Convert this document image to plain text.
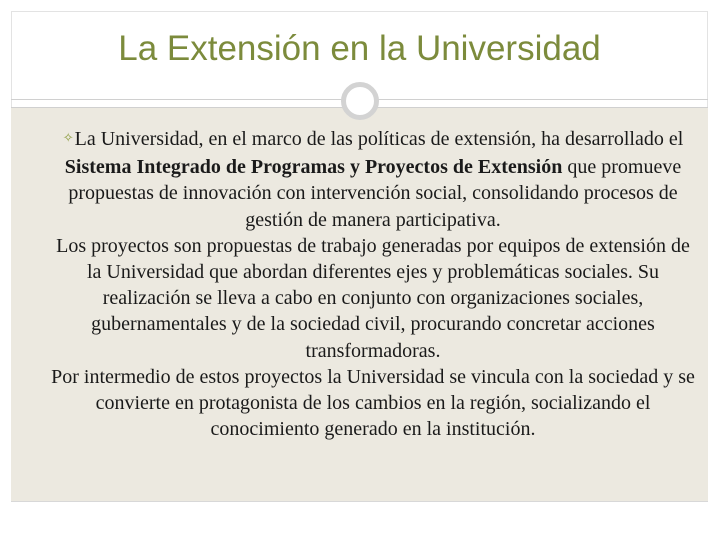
La Extensión en la Universidad

✧La Universidad, en el marco de las políticas de extensión, ha desarrollado el Sistema Integrado de Programas y Proyectos de Extensión que promueve propuestas de innovación con intervención social, consolidando procesos de gestión de manera participativa.

Los proyectos son propuestas de trabajo generadas por equipos de extensión de la Universidad que abordan diferentes ejes y problemáticas sociales. Su realización se lleva a cabo en conjunto con organizaciones sociales, gubernamentales y de la sociedad civil, procurando concretar acciones transformadoras.

Por intermedio de estos proyectos la Universidad se vincula con la sociedad y se convierte en protagonista de los cambios en la región, socializando el conocimiento generado en la institución.
